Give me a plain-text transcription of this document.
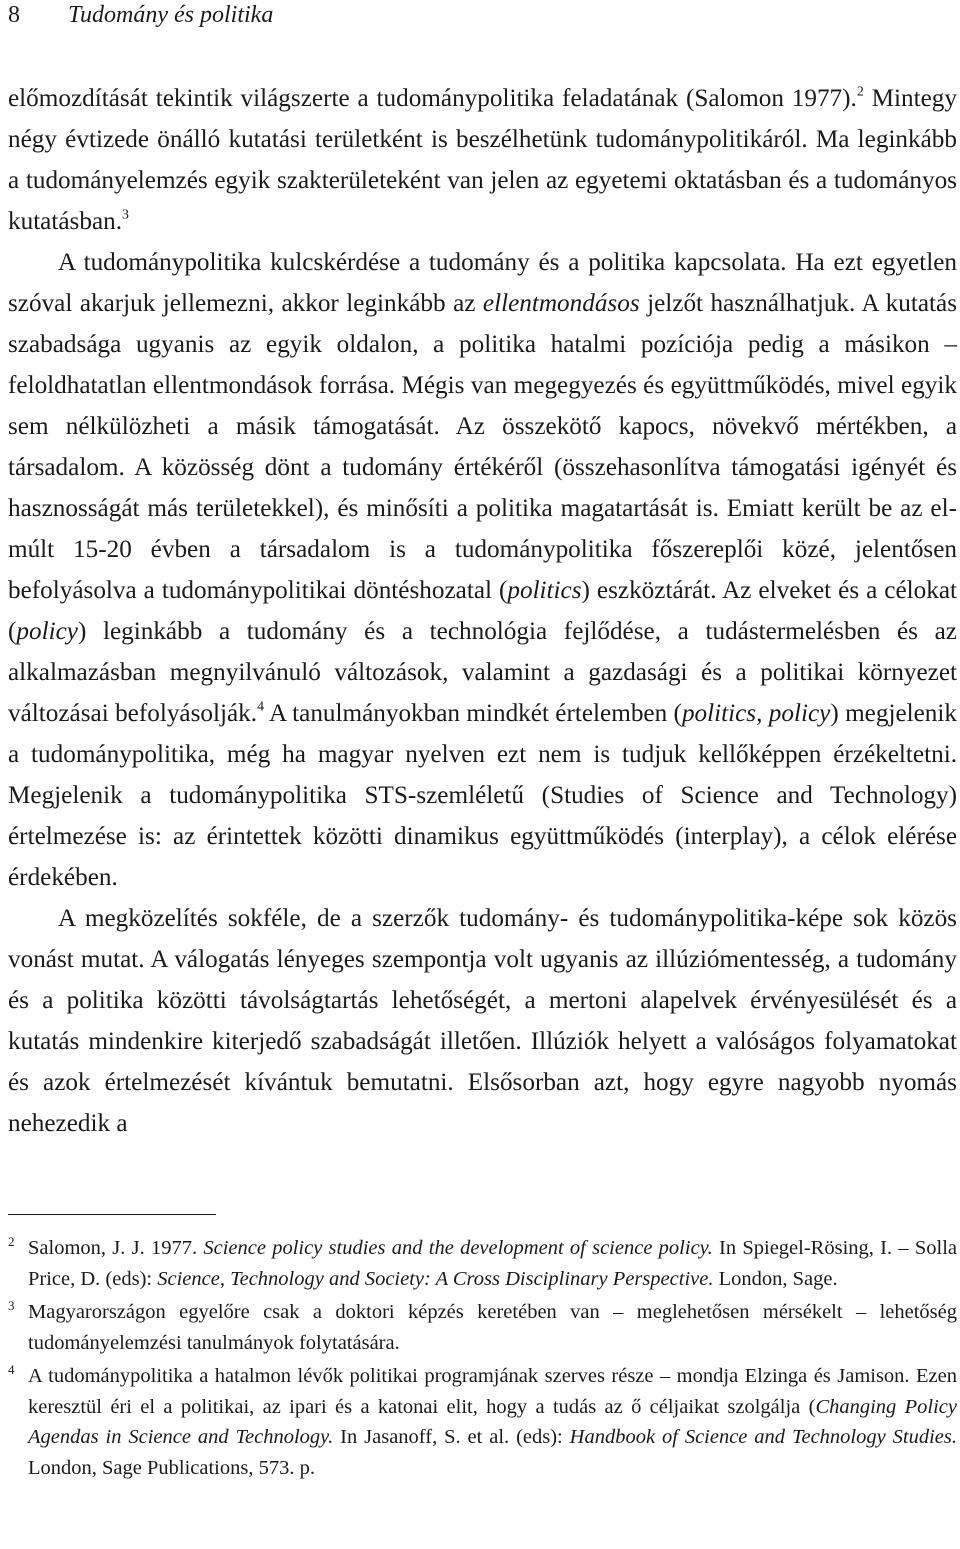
8 Tudomány és politika

előmozdítását tekintik világszerte a tudománypolitika feladatának (Salomon 1977).$^2$ Mintegy négy évtizede önálló kutatási területként is beszélhetünk tudománypolitikáról. Ma leginkább a tudományelemzés egyik szakterületeként van jelen az egyetemi oktatásban és a tudományos kutatásban.$^3$

A tudománypolitika kulcskérdése a tudomány és a politika kapcsolata. Ha ezt egyetlen szóval akarjuk jellemezni, akkor leginkább az ellentmondásos jelzőt használhatjuk. A kutatás szabadsága ugyanis az egyik oldalon, a politika hatalmi pozíciója pedig a másikon – feloldhatatlan ellentmondások forrása. Mégis van megegyezés és együttműködés, mivel egyik sem nélkülözheti a másik támogatását. Az összekötő kapocs, növekvő mértékben, a társadalom. A közösség dönt a tudomány értékéről (összehasonlítva támogatási igényét és hasznosságát más területekkel), és minősíti a politika magatartását is. Emiatt került be az elmúlt 15-20 évben a társadalom is a tudománypolitika főszereplői közé, jelentősen befolyásolva a tudománypolitikai döntéshozatal (politics) eszköztárát. Az elveket és a célokat (policy) leginkább a tudomány és a technológia fejlődése, a tudástermelésben és az alkalmazásban megnyilvánuló változások, valamint a gazdasági és a politikai környezet változásai befolyásolják.$^4$ A tanulmányokban mindkét értelemben (politics, policy) megjelenik a tudománypolitika, még ha magyar nyelven ezt nem is tudjuk kellőképpen érzékeltetni. Megjelenik a tudománypolitika STS-szemléletű (Studies of Science and Technology) értelmezése is: az érintettek közötti dinamikus együttműködés (interplay), a célok elérése érdekében.

A megközelítés sokféle, de a szerzők tudomány- és tudománypolitika-képe sok közös vonást mutat. A válogatás lényeges szempontja volt ugyanis az illúziómentesség, a tudomány és a politika közötti távolságtartás lehetőségét, a mertoni alapelvek érvényesülését és a kutatás mindenkire kiterjedő szabadságát illetően. Illúziók helyett a valóságos folyamatokat és azok értelmezését kívántuk bemutatni. Elsősorban azt, hogy egyre nagyobb nyomás nehezedik a

2 Salomon, J. J. 1977. Science policy studies and the development of science policy. In Spiegel-Rösing, I. – Solla Price, D. (eds): Science, Technology and Society: A Cross Disciplinary Perspective. London, Sage.
3 Magyarországon egyelőre csak a doktori képzés keretében van – meglehetősen mérsékelt – lehetőség tudományelemzési tanulmányok folytatására.
4 A tudománypolitika a hatalmon lévők politikai programjának szerves része – mondja Elzinga és Jamison. Ezen keresztül éri el a politikai, az ipari és a katonai elit, hogy a tudás az ő céljaikat szolgálja (Changing Policy Agendas in Science and Technology. In Jasanoff, S. et al. (eds): Handbook of Science and Technology Studies. London, Sage Publications, 573. p.
